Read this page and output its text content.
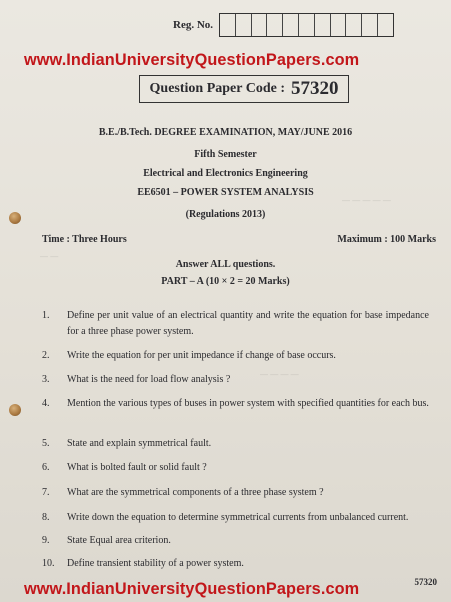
Reg. No.
www.IndianUniversityQuestionPapers.com
Question Paper Code : 57320
— — — — —
— —
— — — —
B.E./B.Tech. DEGREE EXAMINATION, MAY/JUNE 2016
Fifth Semester
Electrical and Electronics Engineering
EE6501 – POWER SYSTEM ANALYSIS
(Regulations 2013)
Time : Three Hours	Maximum : 100 Marks
Answer ALL questions.
PART – A (10 × 2 = 20 Marks)
1.	Define per unit value of an electrical quantity and write the equation for base impedance for a three phase power system.
2.	Write the equation for per unit impedance if change of base occurs.
3.	What is the need for load flow analysis ?
4.	Mention the various types of buses in power system with specified quantities for each bus.
5.	State and explain symmetrical fault.
6.	What is bolted fault or solid fault ?
7.	What are the symmetrical components of a three phase system ?
8.	Write down the equation to determine symmetrical currents from unbalanced current.
9.	State Equal area criterion.
10. Define transient stability of a power system.
www.IndianUniversityQuestionPapers.com	57320
